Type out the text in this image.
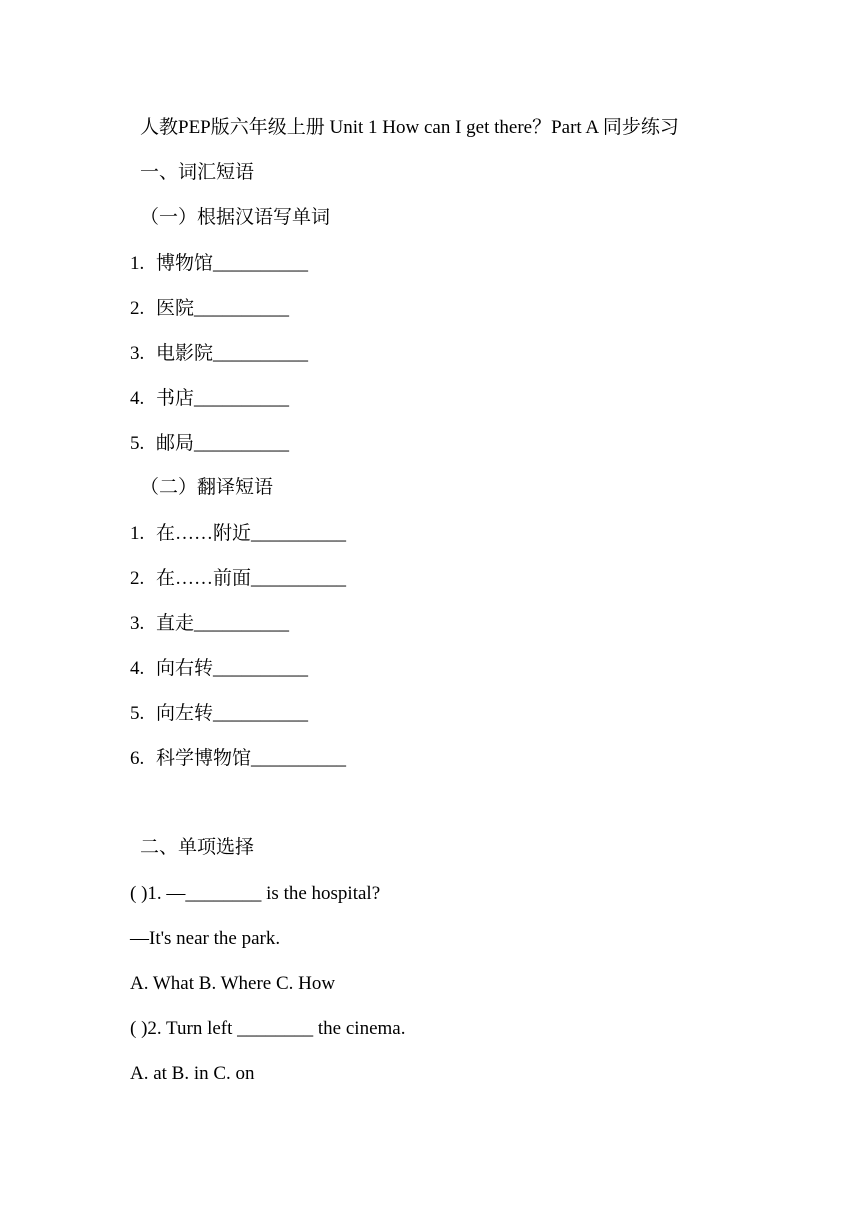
人教PEP版六年级上册 Unit 1 How can I get there？Part A 同步练习
一、词汇短语
（一）根据汉语写单词
1. 博物馆__________
2. 医院__________
3. 电影院__________
4. 书店__________
5. 邮局__________
（二）翻译短语
1. 在……附近__________
2. 在……前面__________
3. 直走__________
4. 向右转__________
5. 向左转__________
6. 科学博物馆__________
二、单项选择
( )1. —________ is the hospital?
—It's near the park.
A. What B. Where C. How
( )2. Turn left ________ the cinema.
A. at B. in C. on
